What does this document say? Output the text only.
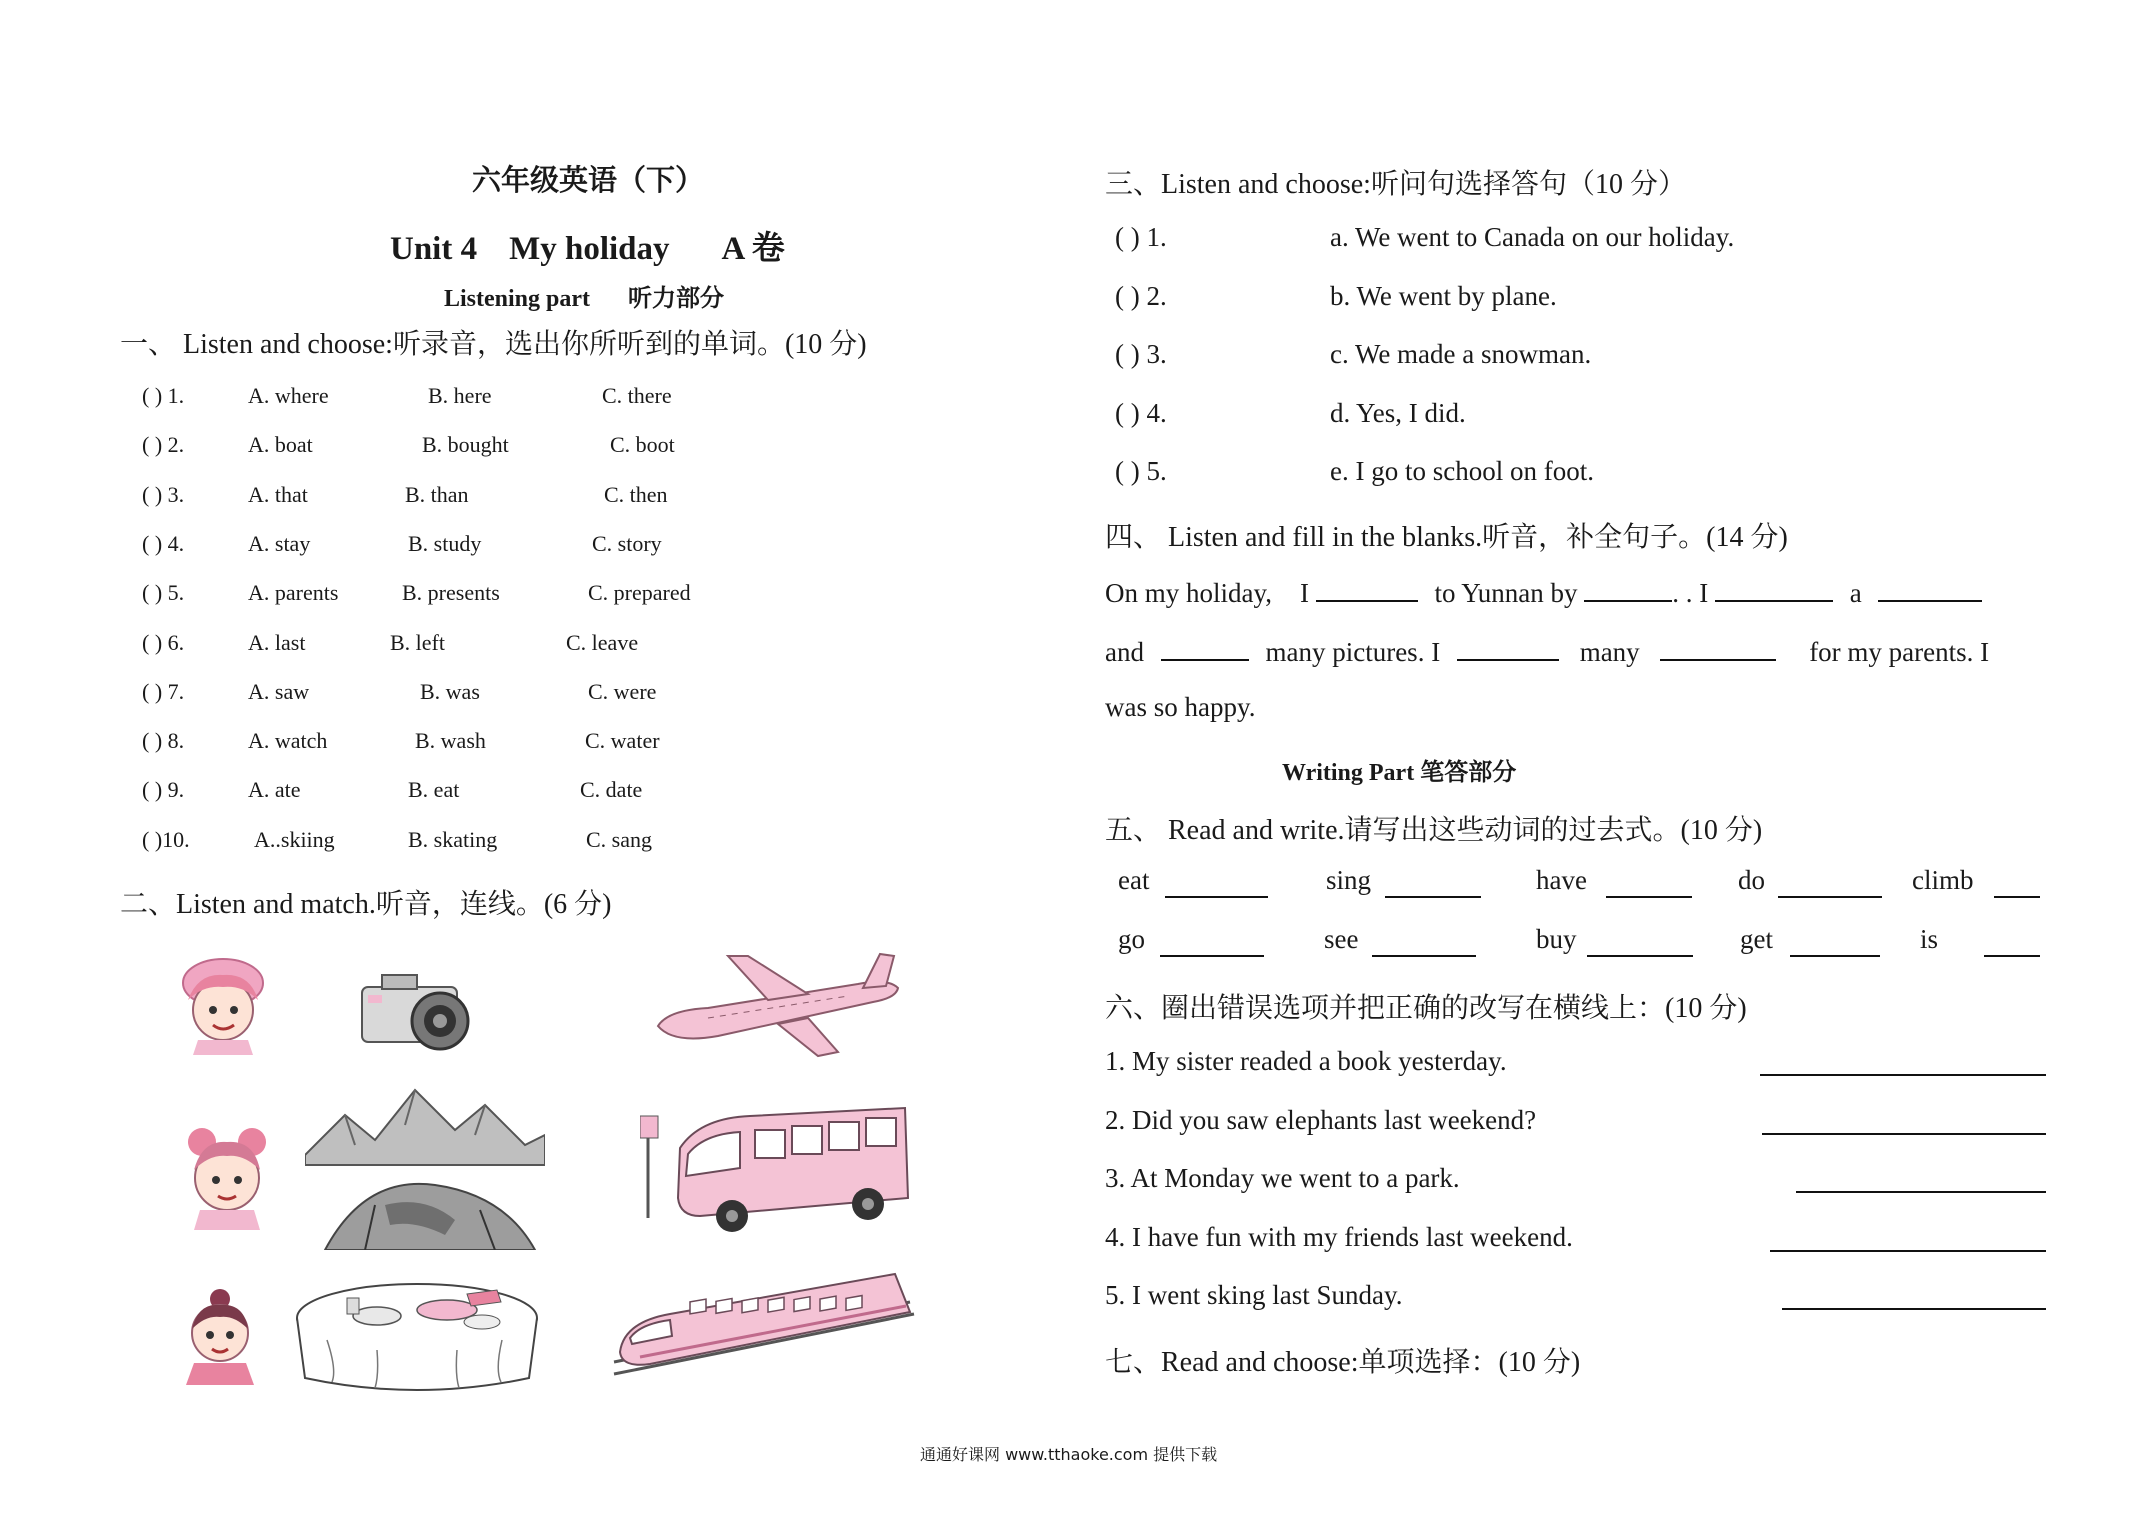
六年级英语（下）
Unit 4 My holiday A 卷
Listening part 听力部分
一、 Listen and choose:听录音，选出你所听到的单词。(10 分)
( ) 1.	A. where	B. here	C. there
( ) 2.	A. boat	B. bought	C. boot
( ) 3.	A. that	B. than	C. then
( ) 4.	A. stay	B. study	C. story
( ) 5.	A. parents	B. presents	C. prepared
( ) 6.	A. last	B. left	C. leave
( ) 7.	A. saw	B. was	C. were
( ) 8.	A. watch	B. wash	C. water
( ) 9.	A. ate	B. eat	C. date
( )10.	A..skiing	B. skating	C. sang
二、Listen and match.听音，连线。(6 分)
三、Listen and choose:听问句选择答句（10 分）
( ) 1.	a. We went to Canada on our holiday.
( ) 2.	b. We went by plane.
( ) 3.	c. We made a snowman.
( ) 4.	d. Yes, I did.
( ) 5.	e. I go to school on foot.
四、 Listen and fill in the blanks.听音，补全句子。(14 分)
On my holiday, I	to Yunnan by	. . I	a
and	many pictures. I	many	for my parents. I
was so happy.
Writing Part 笔答部分
五、 Read and write.请写出这些动词的过去式。(10 分)
eat	sing	have	do	climb
go	see	buy	get	is
六、圈出错误选项并把正确的改写在横线上：(10 分)
1. My sister readed a book yesterday.
2. Did you saw elephants last weekend?
3. At Monday we went to a park.
4. I have fun with my friends last weekend.
5. I went sking last Sunday.
七、Read and choose:单项选择：(10 分)
通通好课网 www.tthaoke.com 提供下载
